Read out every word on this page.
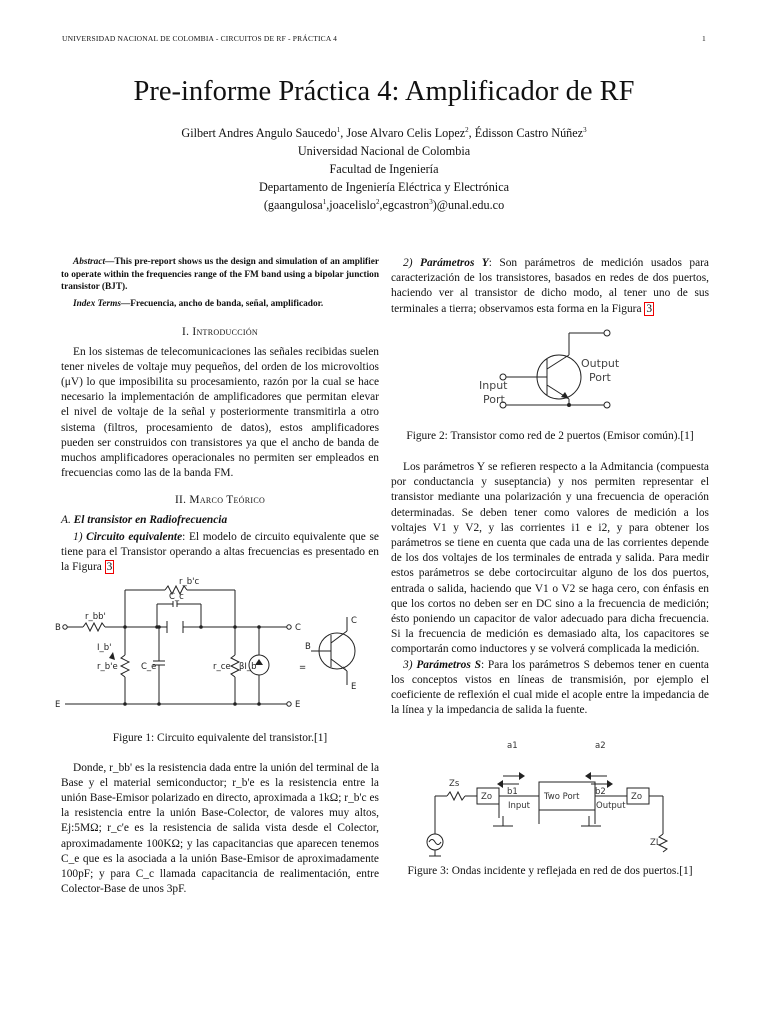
UNIVERSIDAD NACIONAL DE COLOMBIA - CIRCUITOS DE RF - PRÁCTICA 4	1
Pre-informe Práctica 4: Amplificador de RF
Gilbert Andres Angulo Saucedo$^1$, Jose Alvaro Celis Lopez$^2$, Édisson Castro Núñez$^3$
Universidad Nacional de Colombia
Facultad de Ingeniería
Departamento de Ingeniería Eléctrica y Electrónica
(gaangulosa$^1$,joacelislo$^2$,egcastron$^3$)@unal.edu.co

Abstract—This pre-report shows us the design and simulation of an amplifier to operate within the frequencies range of the FM band using a bipolar junction transistor (BJT).

Index Terms—Frecuencia, ancho de banda, señal, amplificador.

I. Introducción

En los sistemas de telecomunicaciones las señales recibidas suelen tener niveles de voltaje muy pequeños, del orden de los microvoltios (μV) lo que imposibilita su procesamiento, razón por la cual se hace necesario la implementación de amplificadores que permitan elevar el nivel de voltaje de la señal y posteriormente transmitirla a otro sistema (filtros, procesamiento de datos), estos amplificadores pueden ser construidos con transistores ya que el ancho de banda de muchos amplificadores operacionales no permiten ser empleados en frecuencias como las de la banda FM.

II. Marco Teórico
A. El transistor en Radiofrecuencia

1) Circuito equivalente: El modelo de circuito equivalente que se tiene para el Transistor operando a altas frecuencias es presentado en la Figura 3

r_b'c
C_c
r_bb'
B	C
E	E
I_b'
r_b'e	C_e	r_ce βI_b'	=
B
C
E

Figure 1: Circuito equivalente del transistor.[1]

Donde, r_bb' es la resistencia dada entre la unión del terminal de la Base y el material semiconductor; r_b'e es la resistencia entre la unión Base-Emisor polarizado en directo, aproximada a 1kΩ; r_b'c es la resistencia entre la unión Base-Colector, de valores muy altos, Ej:5MΩ; r_c'e es la resistencia de salida vista desde el Colector, aproximadamente 100KΩ; y las capacitancias que aparecen tenemos C_e que es la asociada a la unión Base-Emisor de aproximadamente 100pF; y para C_c llamada capacitancia de realimentación, entre Colector-Base de unos 3pF.

2) Parámetros Y: Son parámetros de medición usados para caracterización de los transistores, basados en redes de dos puertos, haciendo ver al transistor de dicho modo, al tener uno de sus terminales a tierra; observamos esta forma en la Figura 3

Output
Port
Input
Port

Figure 2: Transistor como red de 2 puertos (Emisor común).[1]

Los parámetros Y se refieren respecto a la Admitancia (compuesta por conductancia y suseptancia) y nos permiten representar el transistor mediante una polarización y una frecuencia de operación determinadas. Se deben tener como valores de medición a los voltajes V1 y V2, y las corrientes i1 e i2, y para obtener los parámetros se tiene en cuenta que cada una de las corrientes depende de los dos voltajes de los terminales de entrada y salida. Para medir estos parámetros se debe cortocircuitar alguno de los dos puertos, entrada o salida, haciendo que V1 o V2 se haga cero, con énfasis en que los cortos no deben ser en DC sino a la frecuencia de medición; ésto poniendo un capacitor de valor adecuado para dicha frecuencia. Si la frecuencia de medición es demasiado alta, los capacitores se comportarán como inductores y se volverá complicada la medición.

3) Parámetros S: Para los parámetros S debemos tener en cuenta los conceptos vistos en líneas de transmisión, por ejemplo el coeficiente de reflexión el cual mide el acople entre la impedancia de la línea y la impedancia de salida la fuente.

a1	a2
b1	b2
Zs
Zo	Zo
Input
Two Port
Output
ZL

Figure 3: Ondas incidente y reflejada en red de dos puertos.[1]
